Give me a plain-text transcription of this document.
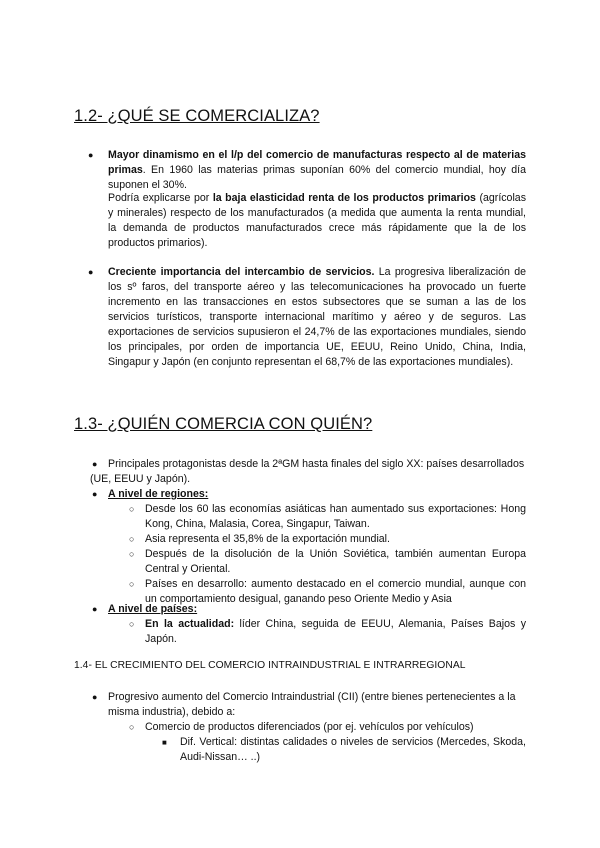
1.2- ¿QUÉ SE COMERCIALIZA?
● Mayor dinamismo en el l/p del comercio de manufacturas respecto al de materias primas. En 1960 las materias primas suponían 60% del comercio mundial, hoy día suponen el 30%.
Podría explicarse por la baja elasticidad renta de los productos primarios (agrícolas y minerales) respecto de los manufacturados (a medida que aumenta la renta mundial, la demanda de productos manufacturados crece más rápidamente que la de los productos primarios).
● Creciente importancia del intercambio de servicios. La progresiva liberalización de los sº faros, del transporte aéreo y las telecomunicaciones ha provocado un fuerte incremento en las transacciones en estos subsectores que se suman a las de los servicios turísticos, transporte internacional marítimo y aéreo y de seguros. Las exportaciones de servicios supusieron el 24,7% de las exportaciones mundiales, siendo los principales, por orden de importancia UE, EEUU, Reino Unido, China, India, Singapur y Japón (en conjunto representan el 68,7% de las exportaciones mundiales).
1.3- ¿QUIÉN COMERCIA CON QUIÉN?
● Principales protagonistas desde la 2ªGM hasta finales del siglo XX: países desarrollados (UE, EEUU y Japón).
● A nivel de regiones:
○ Desde los 60 las economías asiáticas han aumentado sus exportaciones: Hong Kong, China, Malasia, Corea, Singapur, Taiwan.
○ Asia representa el 35,8% de la exportación mundial.
○ Después de la disolución de la Unión Soviética, también aumentan Europa Central y Oriental.
○ Países en desarrollo: aumento destacado en el comercio mundial, aunque con un comportamiento desigual, ganando peso Oriente Medio y Asia
● A nivel de países:
○ En la actualidad: líder China, seguida de EEUU, Alemania, Países Bajos y Japón.
1.4- EL CRECIMIENTO DEL COMERCIO INTRAINDUSTRIAL E INTRARREGIONAL
● Progresivo aumento del Comercio Intraindustrial (CII) (entre bienes pertenecientes a la misma industria), debido a:
○ Comercio de productos diferenciados (por ej. vehículos por vehículos)
■ Dif. Vertical: distintas calidades o niveles de servicios (Mercedes, Skoda, Audi-Nissan… ..)
